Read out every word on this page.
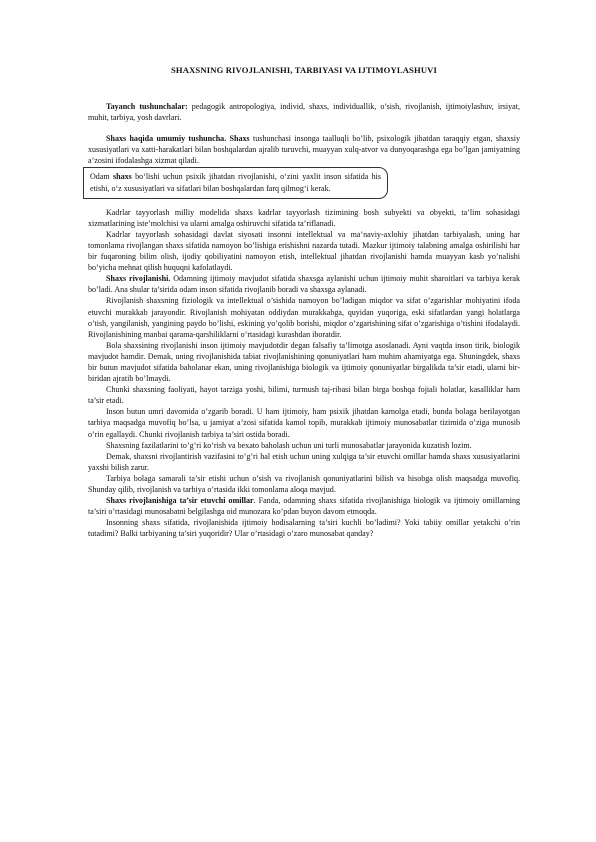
SHAXSNING RIVOJLANISHI, TARBIYASI VA IJTIMOYLASHUVI

Tayanch tushunchalar: pedagogik antropologiya, individ, shaxs, individuallik, o’sish, rivojlanish, ijtimoiylashuv, irsiyat, muhit, tarbiya, yosh davrlari.

Shaxs haqida umumiy tushuncha. Shaxs tushunchasi insonga taalluqli bo’lib, psixologik jihatdan taraqqiy etgan, shaxsiy xususiyatlari va xatti-harakatlari bilan boshqalardan ajralib turuvchi, muayyan xulq-atvor va dunyoqarashga ega bo’lgan jamiyatning a’zosini ifodalashga xizmat qiladi.

Odam shaxs bo‘lishi uchun psixik jihatdan rivojlanishi, o‘zini yaxlit inson sifatida his etishi, o‘z xususiyatlari va sifatlari bilan boshqalardan farq qilmog‘i kerak.

Kadrlar tayyorlash milliy modelida shaxs kadrlar tayyorlash tizimining bosh subyekti va obyekti, ta’lim sohasidagi xizmatlarining iste’molchisi va ularni amalga oshiruvchi sifatida ta’riflanadi.

Kadrlar tayyorlash sohasidagi davlat siyosati insonni intellektual va ma’naviy-axlohiy jihatdan tarbiyalash, uning har tomonlama rivojlangan shaxs sifatida namoyon bo’lishiga erishishni nazarda tutadi. Mazkur ijtimoiy talabning amalga oshirilishi har bir fuqaroning bilim olish, ijodiy qobiliyatini namoyon etish, intellektual jihatdan rivojlanishi hamda muayyan kasb yo’nalishi bo’yicha mehnat qilish huquqni kafolatlaydi.

Shaxs rivojlanishi. Odamning ijtimoiy mavjudot sifatida shaxsga aylanishi uchun ijtimoiy muhit sharoitlari va tarbiya kerak bo’ladi. Ana shular ta’sirida odam inson sifatida rivojlanib boradi va shaxsga aylanadi.

Rivojlanish shaxsning fiziologik va intellektual o’sishida namoyon bo’ladigan miqdor va sifat o’zgarishlar mohiyatini ifoda etuvchi murakkab jarayondir. Rivojlanish mohiyatan oddiydan murakkabga, quyidan yuqoriga, eski sifatlardan yangi holatlarga o’tish, yangilanish, yangining paydo bo’lishi, eskining yo’qolib borishi, miqdor o’zgarishining sifat o’zgarishiga o’tishini ifodalaydi. Rivojlanishining manbai qarama-qarshiliklarni o’rtasidagi kurashdan iboratdir.

Bola shaxsining rivojlanishi inson ijtimoiy mavjudotdir degan falsafiy ta’limotga asoslanadi. Ayni vaqtda inson tirik, biologik mavjudot hamdir. Demak, uning rivojlanishida tabiat rivojlanishining qonuniyatlari ham muhim ahamiyatga ega. Shuningdek, shaxs bir butun mavjudot sifatida baholanar ekan, uning rivojlanishiga biologik va ijtimoiy qonuniyatlar birgalikda ta’sir etadi, ularni bir-biridan ajratib bo’lmaydi.

Chunki shaxsning faoliyati, hayot tarziga yoshi, bilimi, turmush taj-ribasi bilan birga boshqa fojiali holatlar, kasalliklar ham ta’sir etadi.

Inson butun umri davomida o’zgarib boradi. U ham ijtimoiy, ham psixik jihatdan kamolga etadi, bunda bolaga berilayotgan tarbiya maqsadga muvofiq bo’lsa, u jamiyat a’zosi sifatida kamol topib, murakkab ijtimoiy munosabatlar tizimida o’ziga munosib o’rin egallaydi. Chunki rivojlanish tarbiya ta’siri ostida boradi.

Shaxsning fazilatlarini to’g’ri ko’rish va bexato baholash uchun uni turli munosabatlar jarayonida kuzatish lozim.

Demak, shaxsni rivojlantirish vazifasini to’g’ri hal etish uchun uning xulqiga ta’sir etuvchi omillar hamda shaxs xususiyatlarini yaxshi bilish zarur.

Tarbiya bolaga samarali ta’sir etishi uchun o’sish va rivojlanish qonuniyatlarini bilish va hisobga olish maqsadga muvofiq. Shunday qilib, rivojlanish va tarbiya o’rtasida ikki tomonlama aloqa mavjud.

Shaxs rivojlanishiga ta’sir etuvchi omillar. Fanda, odamning shaxs sifatida rivojlanishiga biologik va ijtimoiy omillarning ta’siri o’rtasidagi munosabatni belgilashga oid munozara ko’pdan buyon davom etmoqda.

Insonning shaxs sifatida, rivojlanishida ijtimoiy hodisalarning ta’siri kuchli bo’ladimi? Yoki tabiiy omillar yetakchi o’rin tutadimi? Balki tarbiyaning ta’siri yuqoridir? Ular o’rtasidagi o’zaro munosabat qanday?
